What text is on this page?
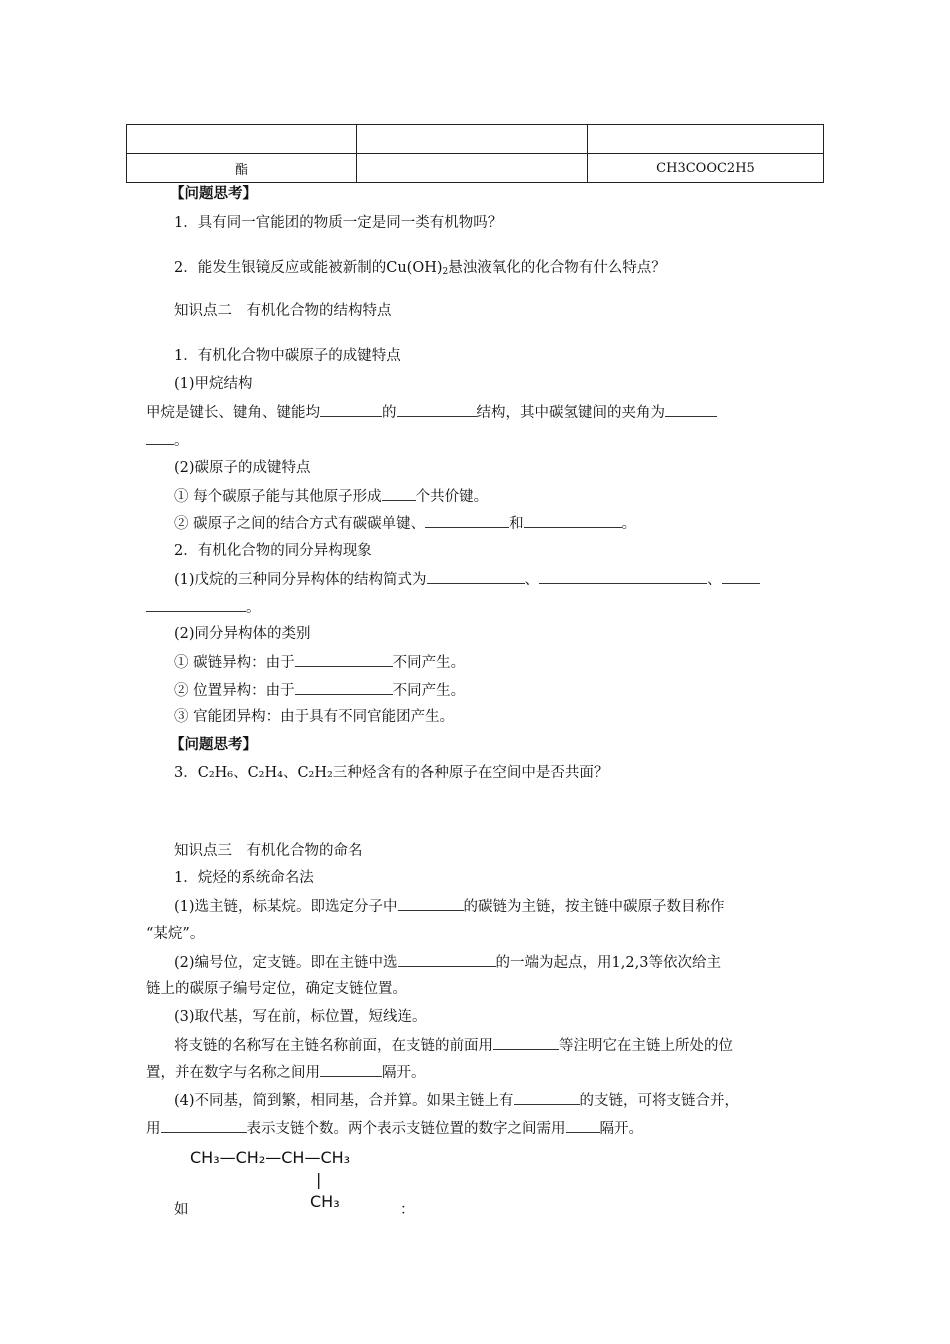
酯		CH3COOC2H5
【问题思考】
1．具有同一官能团的物质一定是同一类有机物吗？
2．能发生银镜反应或能被新制的$Cu(OH)_2$悬浊液氧化的化合物有什么特点？
知识点二　有机化合物的结构特点
1．有机化合物中碳原子的成键特点
(1)甲烷结构
甲烷是键长、键角、键能均	的	结构，其中碳氢键间的夹角为
。
(2)碳原子的成键特点
① 每个碳原子能与其他原子形成 个共价键。
② 碳原子之间的结合方式有碳碳单键、	和	。
2．有机化合物的同分异构现象
(1)戊烷的三种同分异构体的结构简式为	、	、
。
(2)同分异构体的类别
① 碳链异构：由于	不同产生。
② 位置异构：由于	不同产生。
③ 官能团异构：由于具有不同官能团产生。
【问题思考】
3．C₂H₆、C₂H₄、C₂H₂三种烃含有的各种原子在空间中是否共面？
知识点三　有机化合物的命名
1．烷烃的系统命名法
(1)选主链，标某烷。即选定分子中	的碳链为主链，按主链中碳原子数目称作
“某烷”。
(2)编号位，定支链。即在主链中选	的一端为起点，用1,2,3等依次给主
链上的碳原子编号定位，确定支链位置。
(3)取代基，写在前，标位置，短线连。
将支链的名称写在主链名称前面，在支链的前面用	等注明它在主链上所处的位
置，并在数字与名称之间用	隔开。
(4)不同基，简到繁，相同基，合并算。如果主链上有	的支链，可将支链合并，
用	表示支链个数。两个表示支链位置的数字之间需用 隔开。
CH₃—CH₂—CH—CH₃
|
CH₃
如	：
